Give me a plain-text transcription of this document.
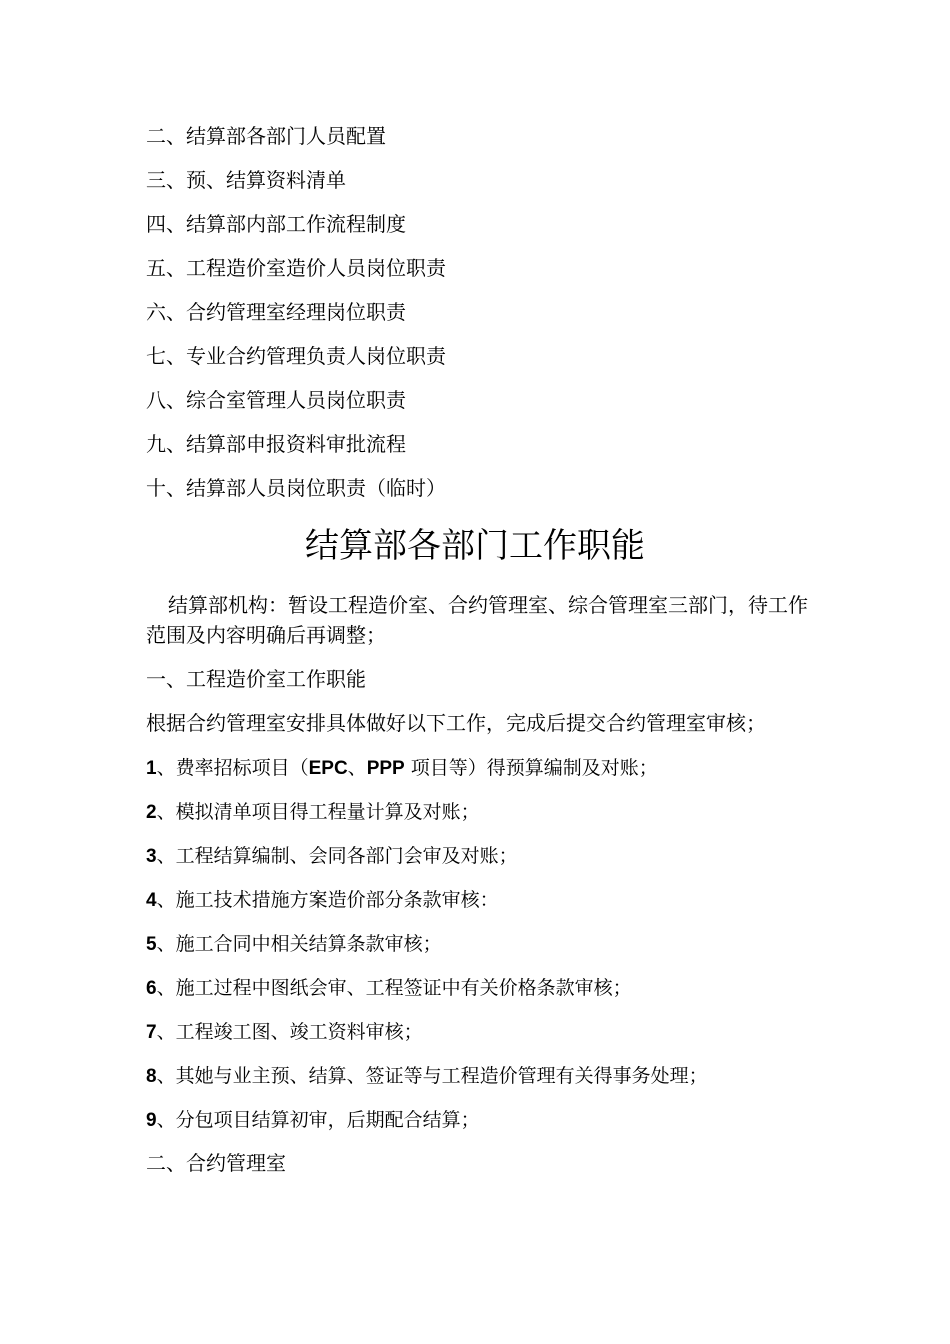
二、结算部各部门人员配置
三、预、结算资料清单
四、结算部内部工作流程制度
五、工程造价室造价人员岗位职责
六、合约管理室经理岗位职责
七、专业合约管理负责人岗位职责
八、综合室管理人员岗位职责
九、结算部申报资料审批流程
十、结算部人员岗位职责（临时）
结算部各部门工作职能

结算部机构：暂设工程造价室、合约管理室、综合管理室三部门，待工作范围及内容明确后再调整；

一、工程造价室工作职能

根据合约管理室安排具体做好以下工作，完成后提交合约管理室审核；

1、费率招标项目（EPC、PPP 项目等）得预算编制及对账；
2、模拟清单项目得工程量计算及对账；
3、工程结算编制、会同各部门会审及对账；
4、施工技术措施方案造价部分条款审核：
5、施工合同中相关结算条款审核；
6、施工过程中图纸会审、工程签证中有关价格条款审核；
7、工程竣工图、竣工资料审核；
8、其她与业主预、结算、签证等与工程造价管理有关得事务处理；
9、分包项目结算初审，后期配合结算；

二、合约管理室
